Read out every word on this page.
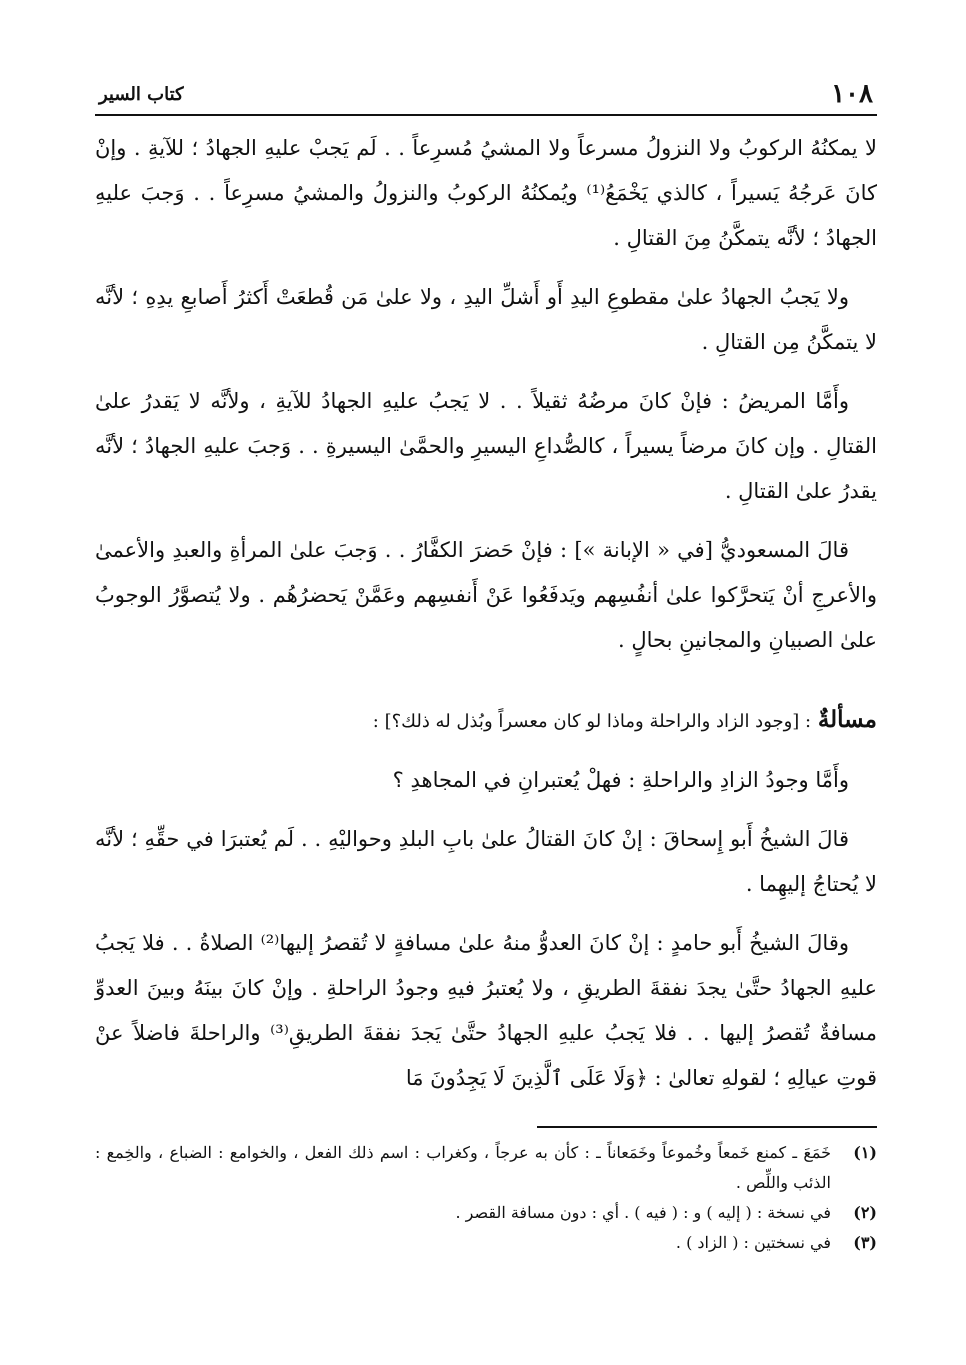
١٠٨
كتاب السير

لا يمكنُهُ الركوبُ ولا النزولُ مسرعاً ولا المشيُ مُسرِعاً . . لَم يَجبْ عليهِ الجهادُ ؛ للآيةِ . وإنْ كانَ عَرجُهُ يَسيراً ، كالذي يَخْمَعُ⁽¹⁾ ويُمكنُهُ الركوبُ والنزولُ والمشيُ مسرِعاً . . وَجبَ عليهِ الجهادُ ؛ لأنَّه يتمكَّنُ مِنَ القتالِ .

ولا يَجبُ الجهادُ علىٰ مقطوعِ اليدِ أَو أَشلِّ اليدِ ، ولا علىٰ مَن قُطعَتْ أَكثرُ أَصابعِ يدِهِ ؛ لأنَّه لا يتمكَّنُ مِن القتالِ .

وأَمَّا المريضُ : فإنْ كانَ مرضُهُ ثقيلاً . . لا يَجبُ عليهِ الجهادُ للآيةِ ، ولأنَّه لا يَقدرُ علىٰ القتالِ . وإن كانَ مرضاً يسيراً ، كالصُّداعِ اليسيرِ والحمَّىٰ اليسيرةِ . . وَجبَ عليهِ الجهادُ ؛ لأنَّه يقدرُ علىٰ القتالِ .

قالَ المسعوديُّ [في « الإبانة »] : فإنْ حَضرَ الكفَّارُ . . وَجبَ علىٰ المرأةِ والعبدِ والأعمىٰ والأعرجِ أنْ يَتحرَّكوا علىٰ أنفُسِهم ويَدفَعُوا عَنْ أَنفسِهم وعَمَّنْ يَحضرُهُم . ولا يُتصوَّرُ الوجوبُ علىٰ الصبيانِ والمجانينِ بحالٍ .

مسألةٌ : [وجود الزاد والراحلة وماذا لو كان معسراً وبُذل له ذلك؟] :

وأَمَّا وجودُ الزادِ والراحلةِ : فهلْ يُعتبرانِ في المجاهدِ ؟

قالَ الشيخُ أَبو إِسحاقَ : إنْ كانَ القتالُ علىٰ بابِ البلدِ وحواليْهِ . . لَم يُعتبرَا في حقِّهِ ؛ لأنَّه لا يُحتاجُ إليهِما .

وقالَ الشيخُ أَبو حامدٍ : إنْ كانَ العدوُّ منهُ علىٰ مسافةٍ لا تُقصرُ إليها⁽²⁾ الصلاةُ . . فلا يَجبُ عليهِ الجهادُ حتَّىٰ يجدَ نفقةَ الطريقِ ، ولا يُعتبرُ فيهِ وجودُ الراحلةِ . وإنْ كانَ بينَهُ وبينَ العدوِّ مسافةٌ تُقصرُ إليها . . فلا يَجبُ عليهِ الجهادُ حتَّىٰ يَجدَ نفقةَ الطريقِ⁽³⁾ والراحلةَ فاضلاً عنْ قوتِ عيالِهِ ؛ لقولهِ تعالىٰ : ﴿وَلَا عَلَى ٱلَّذِينَ لَا يَجِدُونَ مَا

(١)
خَمَعَ ـ كمنع خَمعاً وخُموعاً وخَمَعاناً ـ : كأن به عرجاً ، وكغراب : اسم ذلك الفعل ، والخوامع : الضباع ، والخِمع : الذئب واللِّص .
(٢)
في نسخة : ( إليه ) و : ( فيه ) . أي : دون مسافة القصر .
(٣)
في نسختين : ( الزاد ) .
